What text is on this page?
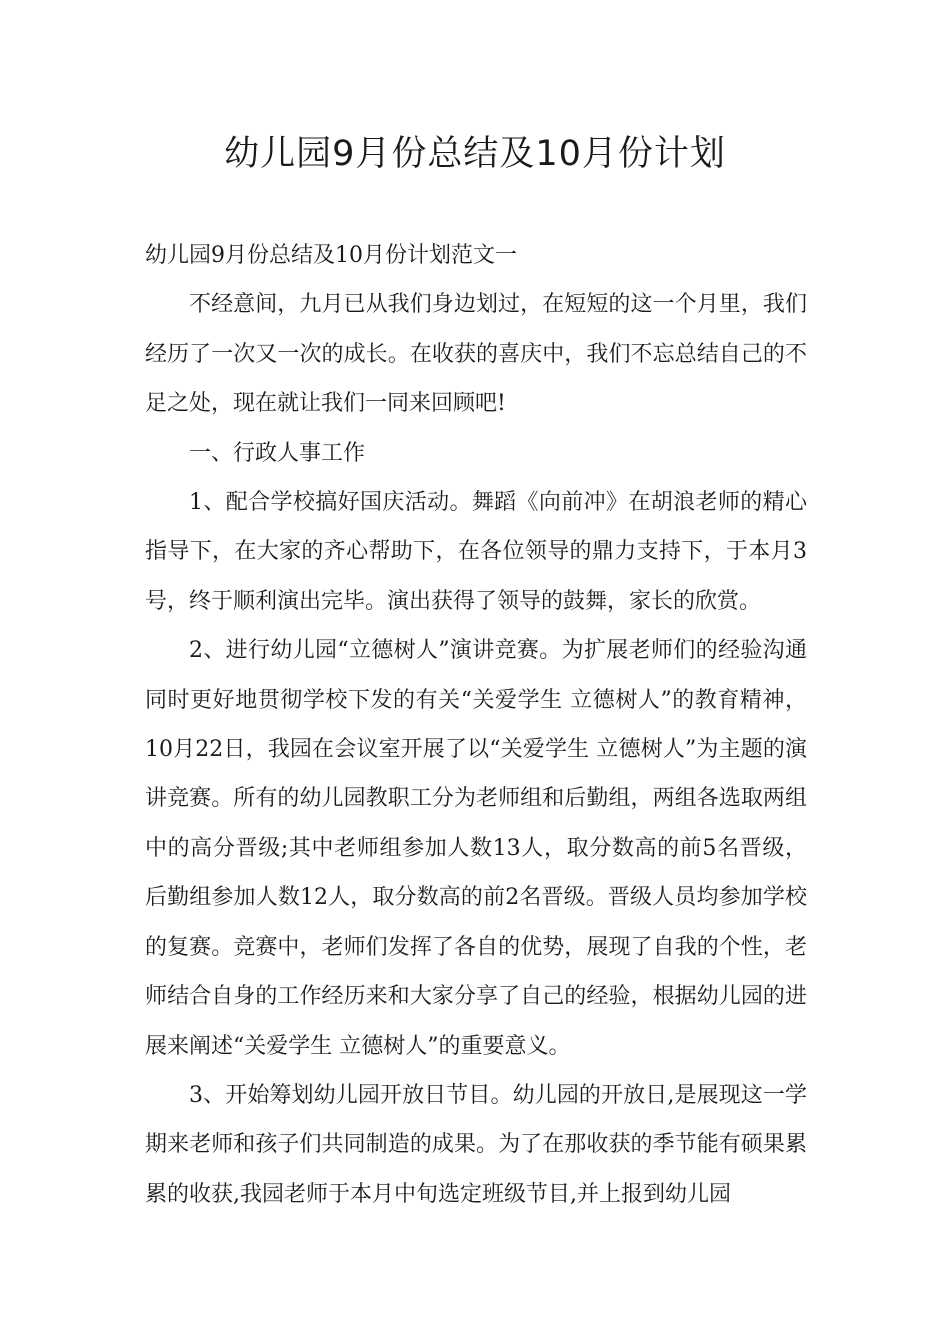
幼儿园9月份总结及10月份计划

幼儿园9月份总结及10月份计划范文一

不经意间，九月已从我们身边划过，在短短的这一个月里，我们经历了一次又一次的成长。在收获的喜庆中，我们不忘总结自己的不足之处，现在就让我们一同来回顾吧!

一、行政人事工作

1、配合学校搞好国庆活动。舞蹈《向前冲》在胡浪老师的精心指导下，在大家的齐心帮助下，在各位领导的鼎力支持下，于本月3号，终于顺利演出完毕。演出获得了领导的鼓舞，家长的欣赏。

2、进行幼儿园“立德树人”演讲竞赛。为扩展老师们的经验沟通同时更好地贯彻学校下发的有关“关爱学生 立德树人”的教育精神，10月22日，我园在会议室开展了以“关爱学生 立德树人”为主题的演讲竞赛。所有的幼儿园教职工分为老师组和后勤组，两组各选取两组中的高分晋级;其中老师组参加人数13人，取分数高的前5名晋级，后勤组参加人数12人，取分数高的前2名晋级。晋级人员均参加学校的复赛。竞赛中，老师们发挥了各自的优势，展现了自我的个性，老师结合自身的工作经历来和大家分享了自己的经验，根据幼儿园的进展来阐述“关爱学生 立德树人”的重要意义。

3、开始筹划幼儿园开放日节目。幼儿园的开放日,是展现这一学期来老师和孩子们共同制造的成果。为了在那收获的季节能有硕果累累的收获,我园老师于本月中旬选定班级节目,并上报到幼儿园
